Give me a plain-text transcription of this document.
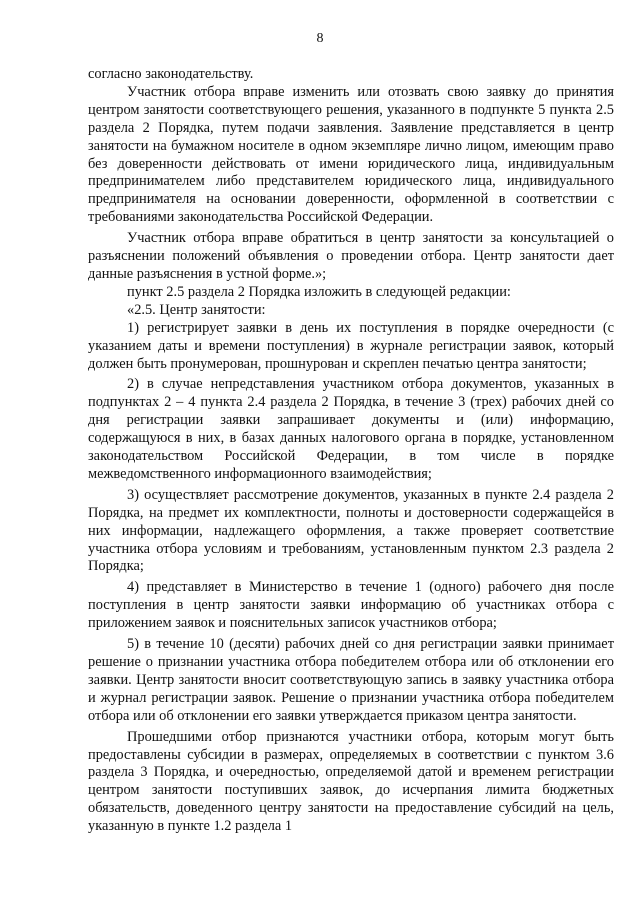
8

согласно законодательству.

Участник отбора вправе изменить или отозвать свою заявку до принятия центром занятости соответствующего решения, указанного в подпункте 5 пункта 2.5 раздела 2 Порядка, путем подачи заявления. Заявление представляется в центр занятости на бумажном носителе в одном экземпляре лично лицом, имеющим право без доверенности действовать от имени юридического лица, индивидуальным предпринимателем либо представителем юридического лица, индивидуального предпринимателя на основании доверенности, оформленной в соответствии с требованиями законодательства Российской Федерации.

Участник отбора вправе обратиться в центр занятости за консультацией о разъяснении положений объявления о проведении отбора. Центр занятости дает данные разъяснения в устной форме.»;

пункт 2.5 раздела 2 Порядка изложить в следующей редакции:

«2.5. Центр занятости:

1) регистрирует заявки в день их поступления в порядке очередности (с указанием даты и времени поступления) в журнале регистрации заявок, который должен быть пронумерован, прошнурован и скреплен печатью центра занятости;

2) в случае непредставления участником отбора документов, указанных в подпунктах 2 – 4 пункта 2.4 раздела 2 Порядка, в течение 3 (трех) рабочих дней со дня регистрации заявки запрашивает документы и (или) информацию, содержащуюся в них, в базах данных налогового органа в порядке, установленном законодательством Российской Федерации, в том числе в порядке межведомственного информационного взаимодействия;

3) осуществляет рассмотрение документов, указанных в пункте 2.4 раздела 2 Порядка, на предмет их комплектности, полноты и достоверности содержащейся в них информации, надлежащего оформления, а также проверяет соответствие участника отбора условиям и требованиям, установленным пунктом 2.3 раздела 2 Порядка;

4) представляет в Министерство в течение 1 (одного) рабочего дня после поступления в центр занятости заявки информацию об участниках отбора с приложением заявок и пояснительных записок участников отбора;

5) в течение 10 (десяти) рабочих дней со дня регистрации заявки принимает решение о признании участника отбора победителем отбора или об отклонении его заявки. Центр занятости вносит соответствующую запись в заявку участника отбора и журнал регистрации заявок. Решение о признании участника отбора победителем отбора или об отклонении его заявки утверждается приказом центра занятости.

Прошедшими отбор признаются участники отбора, которым могут быть предоставлены субсидии в размерах, определяемых в соответствии с пунктом 3.6 раздела 3 Порядка, и очередностью, определяемой датой и временем регистрации центром занятости поступивших заявок, до исчерпания лимита бюджетных обязательств, доведенного центру занятости на предоставление субсидий на цель, указанную в пункте 1.2 раздела 1
